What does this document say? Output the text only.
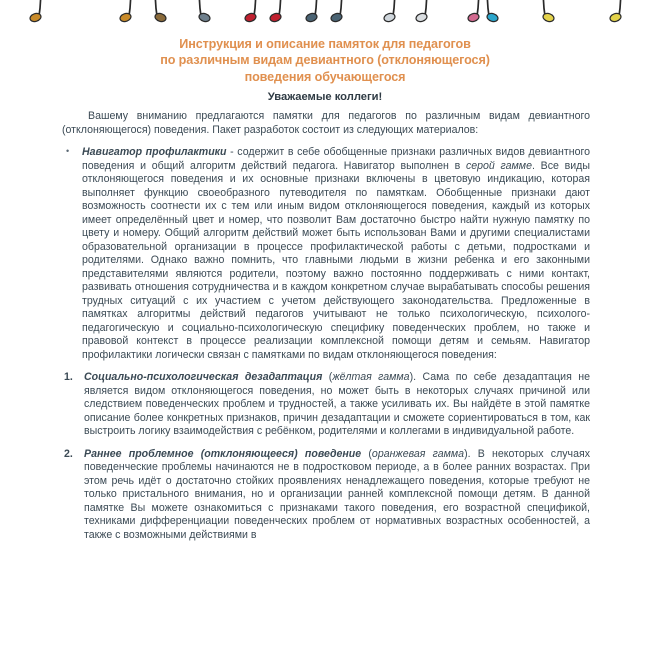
Инструкция и описание памяток для педагогов
по различным видам девиантного (отклоняющегося)
поведения обучающегося
Уважаемые коллеги!

Вашему вниманию предлагаются памятки для педагогов по различным видам девиантного (отклоняющегося) поведения. Пакет разработок состоит из следующих материалов:

• Навигатор профилактики - содержит в себе обобщенные признаки различных видов девиантного поведения и общий алгоритм действий педагога. Навигатор выполнен в серой гамме. Все виды отклоняющегося поведения и их основные признаки включены в цветовую индикацию, которая выполняет функцию своеобразного путеводителя по памяткам. Обобщенные признаки дают возможность соотнести их с тем или иным видом отклоняющегося поведения, каждый из которых имеет определённый цвет и номер, что позволит Вам достаточно быстро найти нужную памятку по цвету и номеру. Общий алгоритм действий может быть использован Вами и другими специалистами образовательной организации в процессе профилактической работы с детьми, подростками и родителями. Однако важно помнить, что главными людьми в жизни ребенка и его законными представителями являются родители, поэтому важно постоянно поддерживать с ними контакт, развивать отношения сотрудничества и в каждом конкретном случае вырабатывать способы решения трудных ситуаций с их участием с учетом действующего законодательства. Предложенные в памятках алгоритмы действий педагогов учитывают не только психологическую, психолого-педагогическую и социально-психологическую специфику поведенческих проблем, но также и правовой контекст в процессе реализации комплексной помощи детям и семьям. Навигатор профилактики логически связан с памятками по видам отклоняющегося поведения:
Социально-психологическая дезадаптация (жёлтая гамма). Сама по себе дезадаптация не является видом отклоняющегося поведения, но может быть в некоторых случаях причиной или следствием поведенческих проблем и трудностей, а также усиливать их. Вы найдёте в этой памятке описание более конкретных признаков, причин дезадаптации и сможете сориентироваться в том, как выстроить логику взаимодействия с ребёнком, родителями и коллегами в индивидуальной работе.
Раннее проблемное (отклоняющееся) поведение (оранжевая гамма). В некоторых случаях поведенческие проблемы начинаются не в подростковом периоде, а в более ранних возрастах. При этом речь идёт о достаточно стойких проявлениях ненадлежащего поведения, которые требуют не только пристального внимания, но и организации ранней комплексной помощи детям. В данной памятке Вы можете ознакомиться с признаками такого поведения, его возрастной спецификой, техниками дифференциации поведенческих проблем от нормативных возрастных особенностей, а также с возможными действиями в
